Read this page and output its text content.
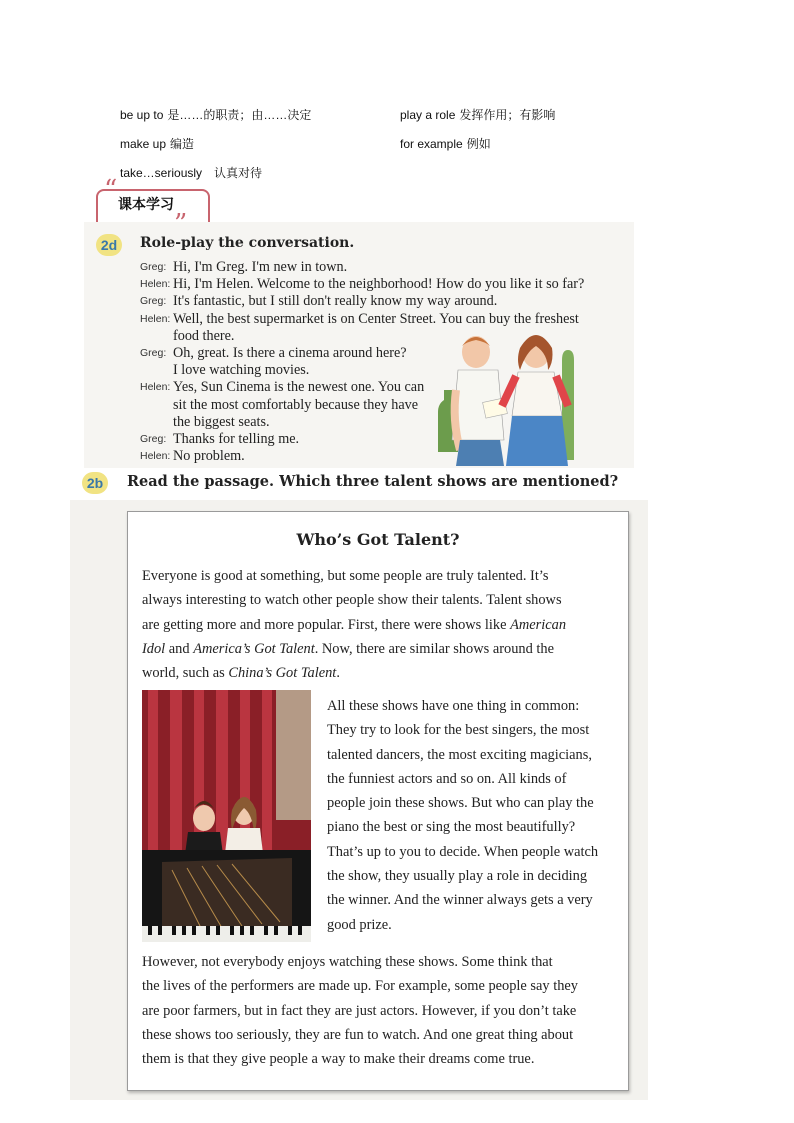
be up to 是……的职责；由……决定	play a role 发挥作用；有影响
make up 编造	for example 例如
take…seriously 认真对待
“ 课本学习
2d	Role-play the conversation.
Greg: Hi, I'm Greg. I'm new in town.
Helen: Hi, I'm Helen. Welcome to the neighborhood! How do you like it so far?
Greg: It's fantastic, but I still don't really know my way around.
Helen: Well, the best supermarket is on Center Street. You can buy the freshest
food there.
Greg: Oh, great. Is there a cinema around here?
I love watching movies.
Helen: Yes, Sun Cinema is the newest one. You can
sit the most comfortably because they have
the biggest seats.
Greg: Thanks for telling me.
Helen: No problem.
2b	Read the passage. Which three talent shows are mentioned?
Who’s Got Talent?

Everyone is good at something, but some people are truly talented. It’s

always interesting to watch other people show their talents. Talent shows

are getting more and more popular. First, there were shows like American

Idol and America’s Got Talent. Now, there are similar shows around the

world, such as China’s Got Talent.

All these shows have one thing in common:

They try to look for the best singers, the most

talented dancers, the most exciting magicians,

the funniest actors and so on. All kinds of

people join these shows. But who can play the

piano the best or sing the most beautifully?

That’s up to you to decide. When people watch

the show, they usually play a role in deciding

the winner. And the winner always gets a very

good prize.

However, not everybody enjoys watching these shows. Some think that

the lives of the performers are made up. For example, some people say they

are poor farmers, but in fact they are just actors. However, if you don’t take

these shows too seriously, they are fun to watch. And one great thing about

them is that they give people a way to make their dreams come true.
